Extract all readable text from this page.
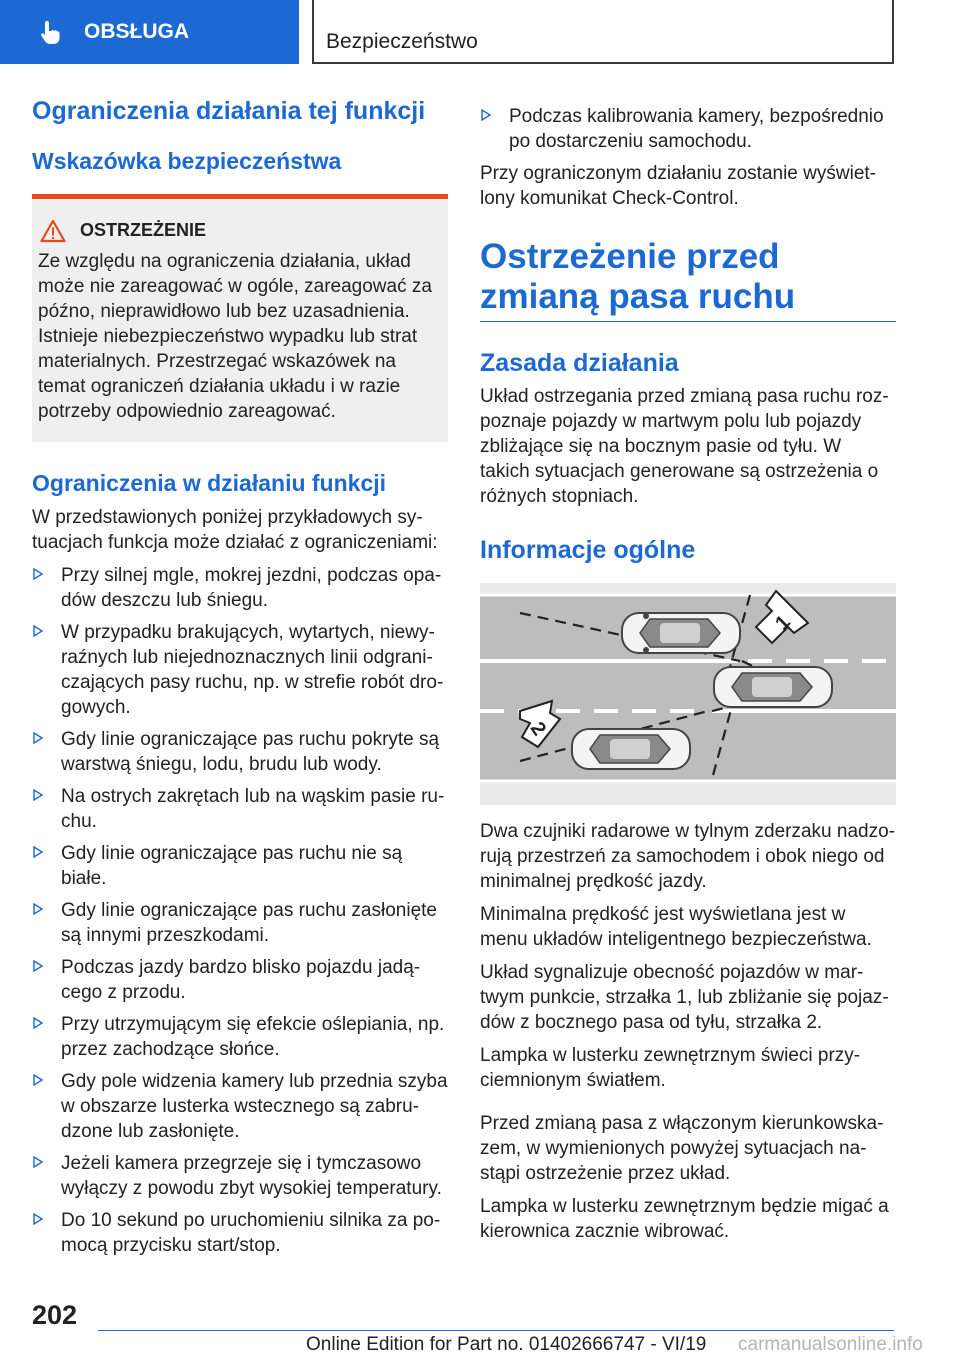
OBSŁUGA	Bezpieczeństwo
Ograniczenia działania tej funkcji
Wskazówka bezpieczeństwa
OSTRZEŻENIE

Ze względu na ograniczenia działania, układ może nie zareagować w ogóle, zareagować za późno, nieprawidłowo lub bez uzasadnienia. Istnieje niebezpieczeństwo wypadku lub strat materialnych. Przestrzegać wskazówek na temat ograniczeń działania układu i w razie potrzeby odpowiednio zareagować.

Ograniczenia w działaniu funkcji

W przedstawionych poniżej przykładowych sytuacjach funkcja może działać z ograniczeniami:

Przy silnej mgle, mokrej jezdni, podczas opadów deszczu lub śniegu.
W przypadku brakujących, wytartych, niewyraźnych lub niejednoznacznych linii odgraniczających pasy ruchu, np. w strefie robót drogowych.
Gdy linie ograniczające pas ruchu pokryte są warstwą śniegu, lodu, brudu lub wody.
Na ostrych zakrętach lub na wąskim pasie ruchu.
Gdy linie ograniczające pas ruchu nie są białe.
Gdy linie ograniczające pas ruchu zasłonięte są innymi przeszkodami.
Podczas jazdy bardzo blisko pojazdu jadącego z przodu.
Przy utrzymującym się efekcie oślepiania, np. przez zachodzące słońce.
Gdy pole widzenia kamery lub przednia szyba w obszarze lusterka wstecznego są zabrudzone lub zasłonięte.
Jeżeli kamera przegrzeje się i tymczasowo wyłączy z powodu zbyt wysokiej temperatury.
Do 10 sekund po uruchomieniu silnika za pomocą przycisku start/stop.
Podczas kalibrowania kamery, bezpośrednio po dostarczeniu samochodu.

Przy ograniczonym działaniu zostanie wyświetlony komunikat Check-Control.

Ostrzeżenie przed zmianą pasa ruchu
Zasada działania

Układ ostrzegania przed zmianą pasa ruchu rozpoznaje pojazdy w martwym polu lub pojazdy zbliżające się na bocznym pasie od tyłu. W takich sytuacjach generowane są ostrzeżenia o różnych stopniach.

Informacje ogólne
1
2

Dwa czujniki radarowe w tylnym zderzaku nadzorują przestrzeń za samochodem i obok niego od minimalnej prędkość jazdy.

Minimalna prędkość jest wyświetlana jest w menu układów inteligentnego bezpieczeństwa.

Układ sygnalizuje obecność pojazdów w martwym punkcie, strzałka 1, lub zbliżanie się pojazdów z bocznego pasa od tyłu, strzałka 2.

Lampka w lusterku zewnętrznym świeci przyciemnionym światłem.

Przed zmianą pasa z włączonym kierunkowskazem, w wymienionych powyżej sytuacjach nastąpi ostrzeżenie przez układ.

Lampka w lusterku zewnętrznym będzie migać a kierownica zacznie wibrować.

202
Online Edition for Part no. 01402666747 - VI/19 carmanualsonline.info
